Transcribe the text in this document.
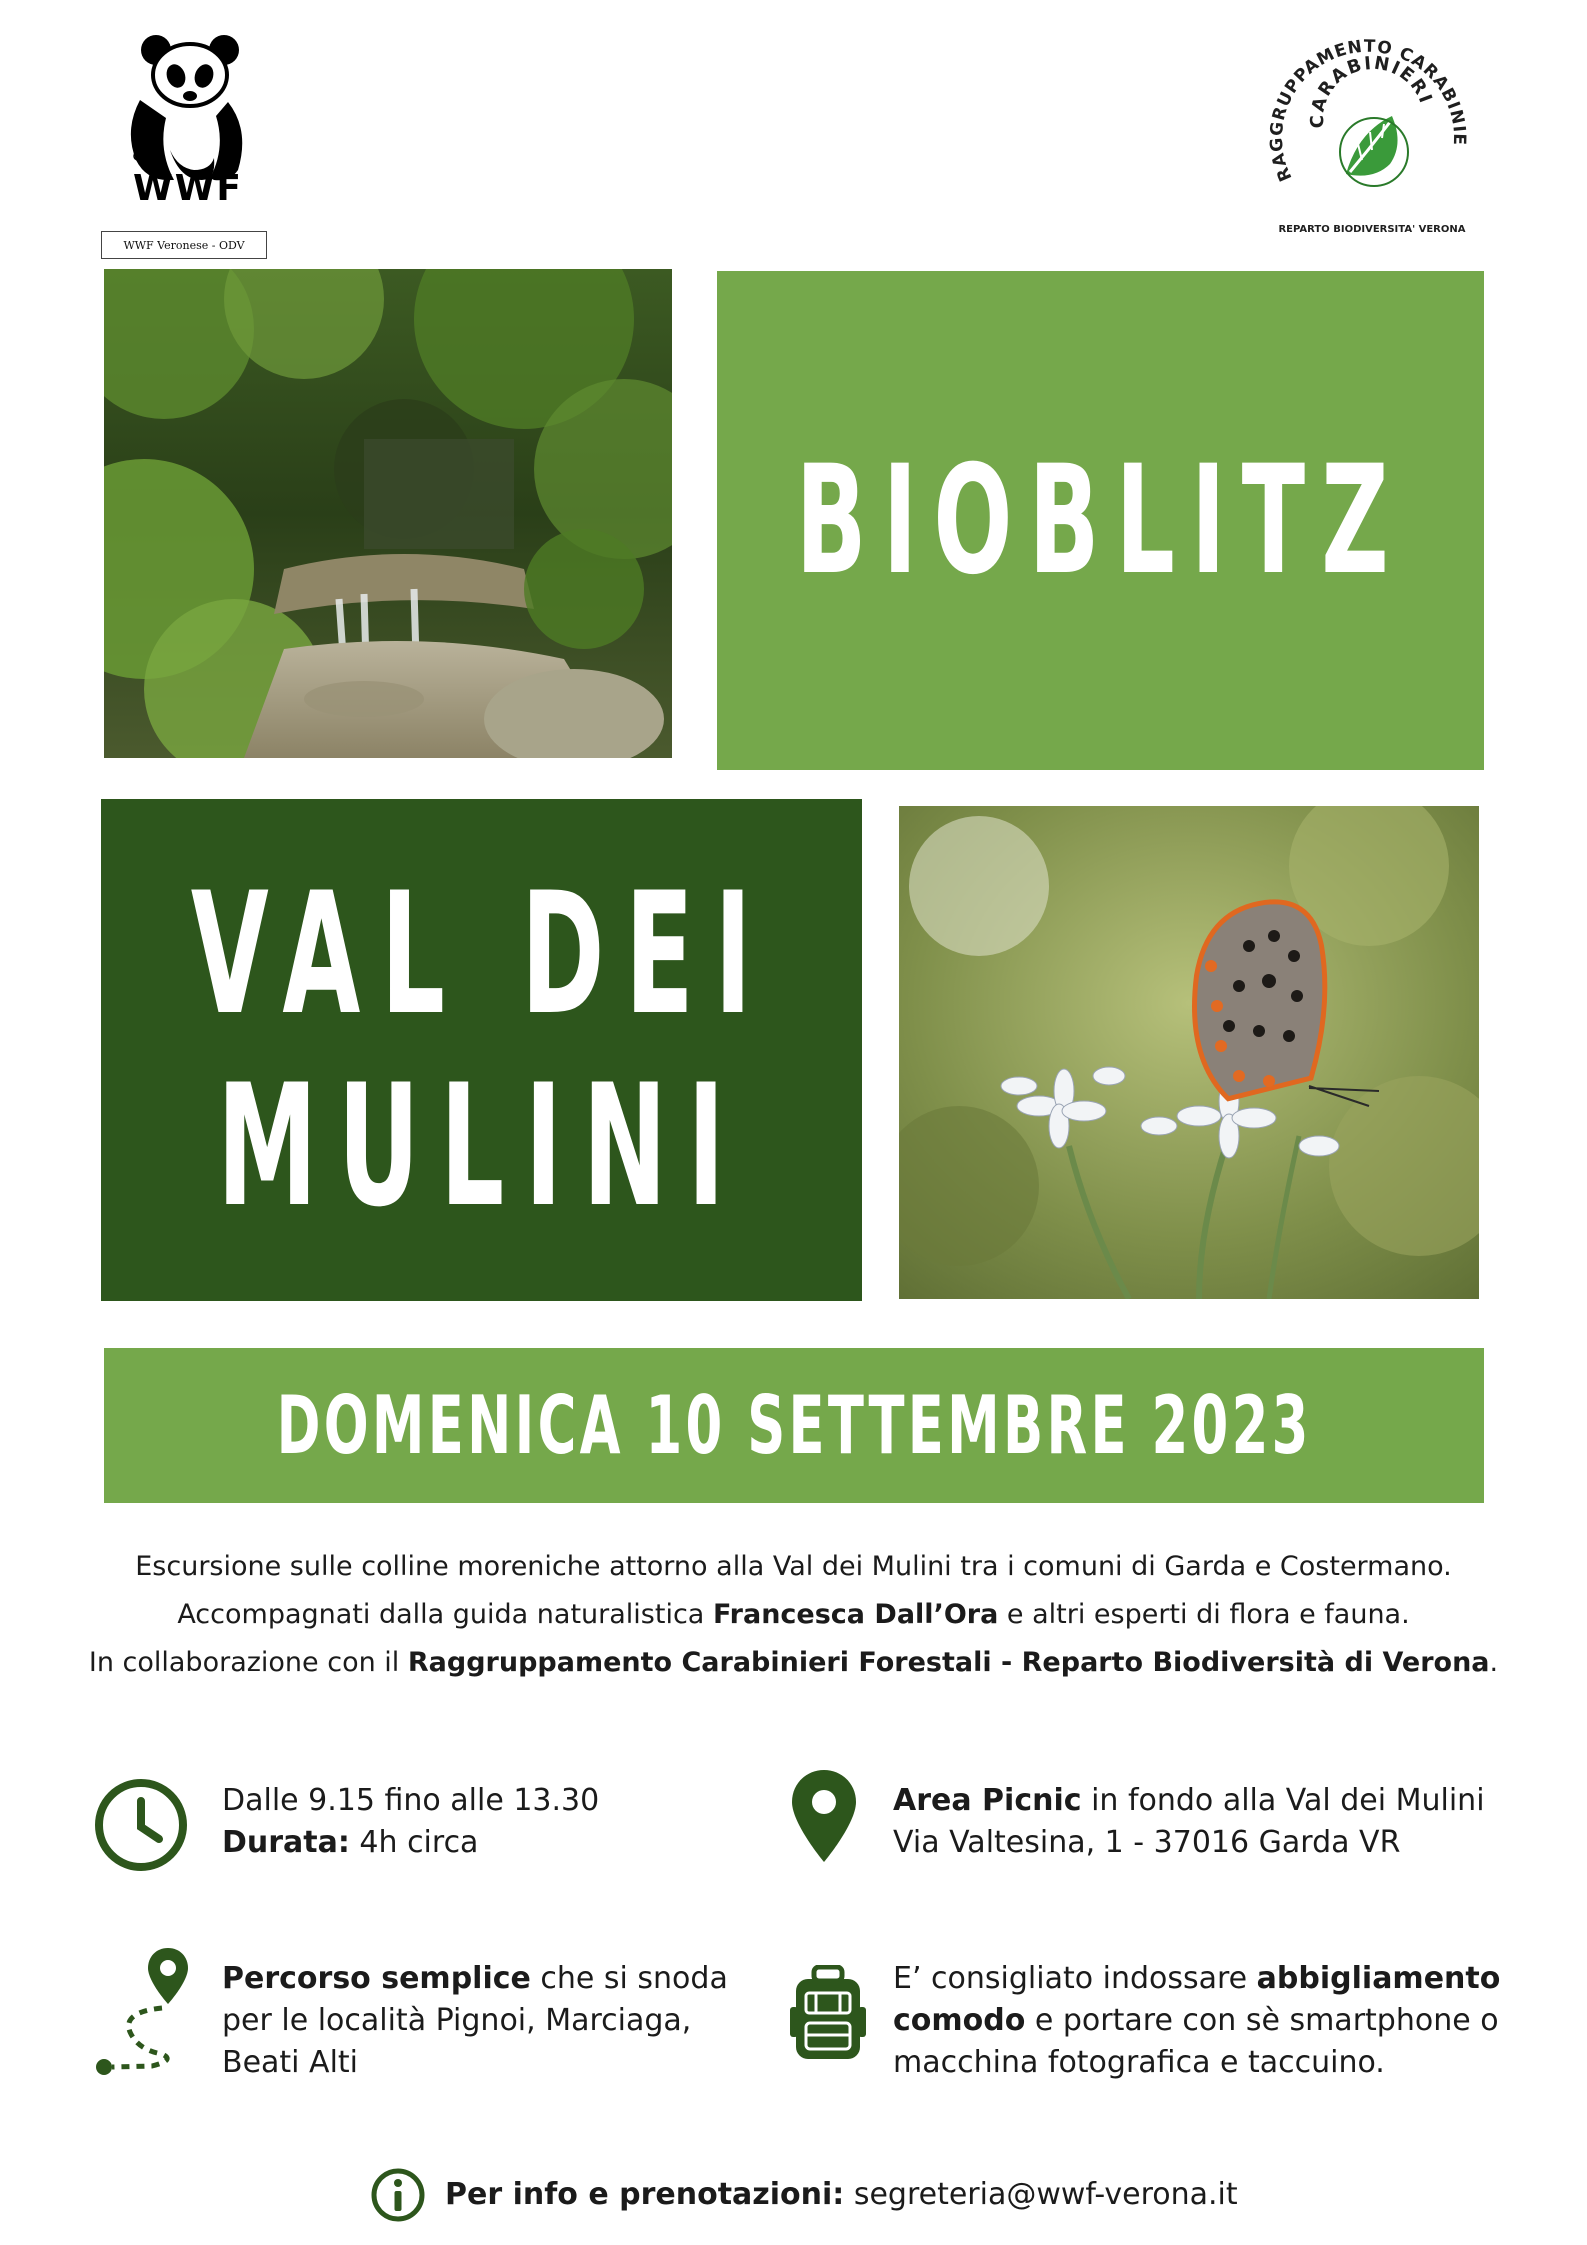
WWF
WWF Veronese - ODV
RAGGRUPPAMENTO CARABINIE
CARABINIERI
REPARTO BIODIVERSITA' VERONA
BIOBLITZ
VAL DEI
MULINI
DOMENICA 10 SETTEMBRE 2023
Escursione sulle colline moreniche attorno alla Val dei Mulini tra i comuni di Garda e Costermano.
Accompagnati dalla guida naturalistica Francesca Dall’Ora e altri esperti di flora e fauna.
In collaborazione con il Raggruppamento Carabinieri Forestali - Reparto Biodiversità di Verona.
Dalle 9.15 fino alle 13.30
Durata: 4h circa
Area Picnic in fondo alla Val dei Mulini
Via Valtesina, 1 - 37016 Garda VR
Percorso semplice che si snoda
per le località Pignoi, Marciaga,
Beati Alti
E’ consigliato indossare abbigliamento
comodo e portare con sè smartphone o
macchina fotografica e taccuino.
Per info e prenotazioni: segreteria@wwf-verona.it
